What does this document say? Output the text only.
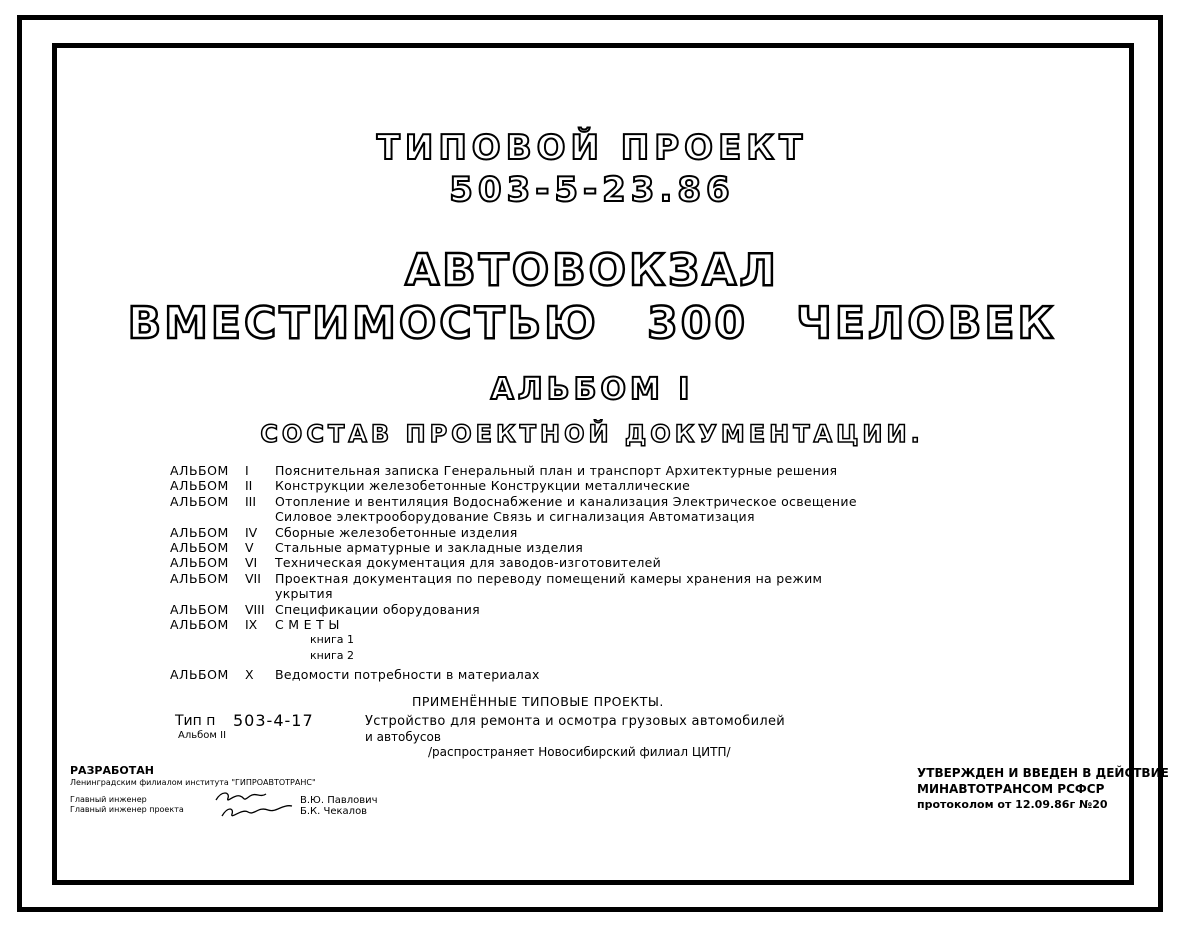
ТИПОВОЙ ПРОЕКТ
503-5-23.86
АВТОВОКЗАЛ
ВМЕСТИМОСТЬЮ 300 ЧЕЛОВЕК
АЛЬБОМ I
СОСТАВ ПРОЕКТНОЙ ДОКУМЕНТАЦИИ.
АЛЬБОМ	I	Пояснительная записка Генеральный план и транспорт Архитектурные решения
АЛЬБОМ	II	Конструкции железобетонные Конструкции металлические
АЛЬБОМ	III	Отопление и вентиляция Водоснабжение и канализация Электрическое освещение
Силовое электрооборудование Связь и сигнализация Автоматизация
АЛЬБОМ	IV	Сборные железобетонные изделия
АЛЬБОМ	V	Стальные арматурные и закладные изделия
АЛЬБОМ	VI	Техническая документация для заводов-изготовителей
АЛЬБОМ	VII	Проектная документация по переводу помещений камеры хранения на режим
укрытия
АЛЬБОМ	VIII Спецификации оборудования
АЛЬБОМ	IX	С М Е Т Ы
книга 1
книга 2
АЛЬБОМ	X	Ведомости потребности в материалах
ПРИМЕНЁННЫЕ ТИПОВЫЕ ПРОЕКТЫ.
Тип п 503-4-17
Альбом II
Устройство для ремонта и осмотра грузовых автомобилей
и автобусов
/распространяет Новосибирский филиал ЦИТП/
РАЗРАБОТАН
Ленинградским филиалом института "ГИПРОАВТОТРАНС"
Главный инженер
Главный инженер проекта
В.Ю. Павлович
Б.К. Чекалов
УТВЕРЖДЕН И ВВЕДЕН В ДЕЙСТВИЕ
МИНАВТОТРАНСОМ РСФСР
протоколом от 12.09.86г №20
